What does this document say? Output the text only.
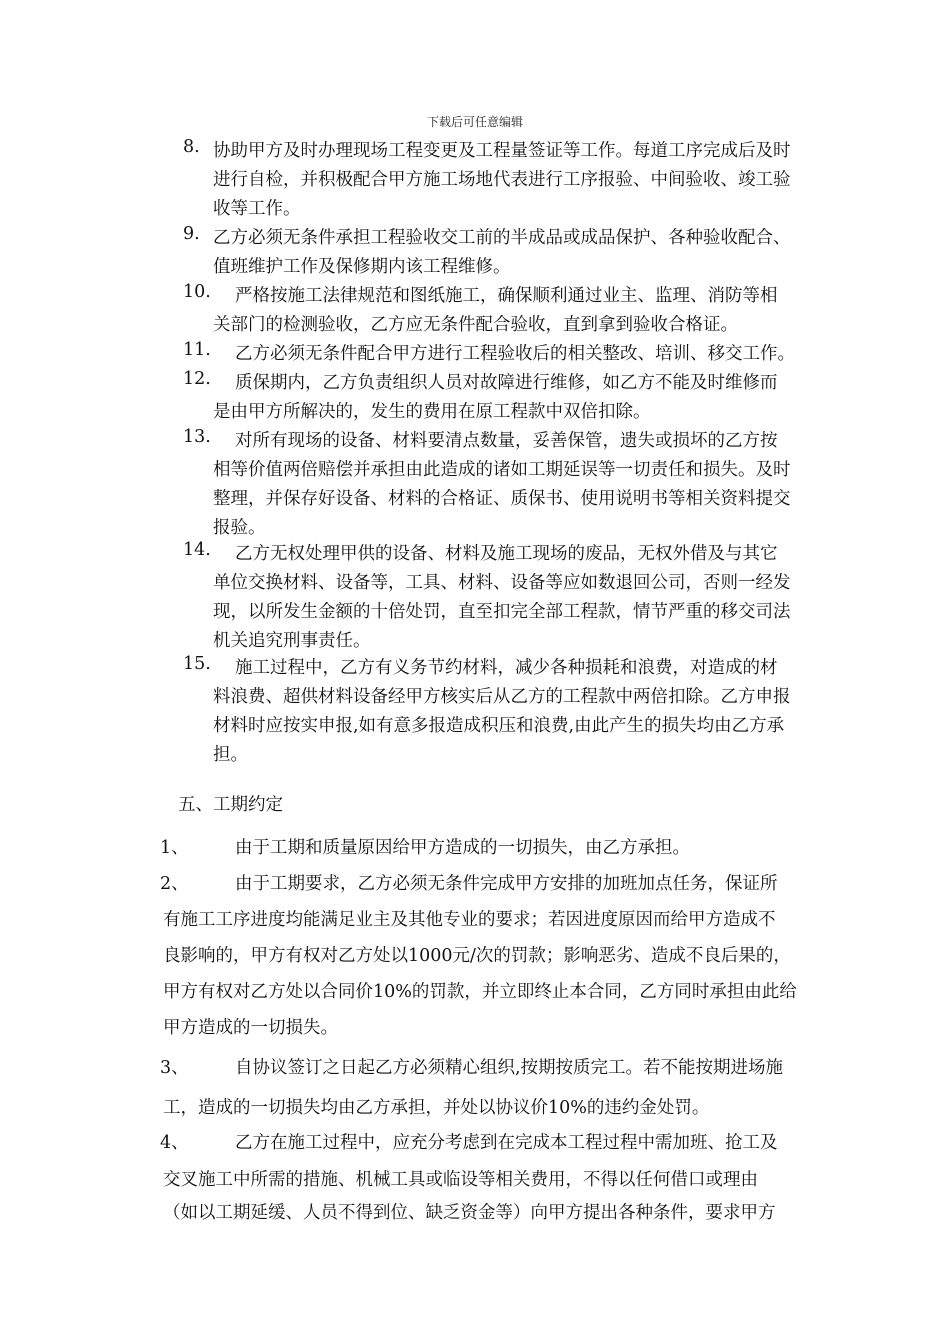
下载后可任意编辑
8. 协助甲方及时办理现场工程变更及工程量签证等工作。每道工序完成后及时
进行自检，并积极配合甲方施工场地代表进行工序报验、中间验收、竣工验
收等工作。
9. 乙方必须无条件承担工程验收交工前的半成品或成品保护、各种验收配合、
值班维护工作及保修期内该工程维修。
10. 严格按施工法律规范和图纸施工，确保顺利通过业主、监理、消防等相
关部门的检测验收，乙方应无条件配合验收，直到拿到验收合格证。
11. 乙方必须无条件配合甲方进行工程验收后的相关整改、培训、移交工作。
12. 质保期内，乙方负责组织人员对故障进行维修，如乙方不能及时维修而
是由甲方所解决的，发生的费用在原工程款中双倍扣除。
13. 对所有现场的设备、材料要清点数量，妥善保管，遗失或损坏的乙方按
相等价值两倍赔偿并承担由此造成的诸如工期延误等一切责任和损失。及时
整理，并保存好设备、材料的合格证、质保书、使用说明书等相关资料提交
报验。
14. 乙方无权处理甲供的设备、材料及施工现场的废品，无权外借及与其它
单位交换材料、设备等，工具、材料、设备等应如数退回公司，否则一经发
现，以所发生金额的十倍处罚，直至扣完全部工程款，情节严重的移交司法
机关追究刑事责任。
15. 施工过程中，乙方有义务节约材料，减少各种损耗和浪费，对造成的材
料浪费、超供材料设备经甲方核实后从乙方的工程款中两倍扣除。乙方申报
材料时应按实申报,如有意多报造成积压和浪费,由此产生的损失均由乙方承
担。
1、	由于工期和质量原因给甲方造成的一切损失，由乙方承担。
2、	由于工期要求，乙方必须无条件完成甲方安排的加班加点任务，保证所
有施工工序进度均能满足业主及其他专业的要求；若因进度原因而给甲方造成不
良影响的，甲方有权对乙方处以1000元/次的罚款；影响恶劣、造成不良后果的，
甲方有权对乙方处以合同价10%的罚款，并立即终止本合同，乙方同时承担由此给
甲方造成的一切损失。
3、	自协议签订之日起乙方必须精心组织,按期按质完工。若不能按期进场施
工，造成的一切损失均由乙方承担，并处以协议价10%的违约金处罚。
4、	乙方在施工过程中，应充分考虑到在完成本工程过程中需加班、抢工及
交叉施工中所需的措施、机械工具或临设等相关费用，不得以任何借口或理由
（如以工期延缓、人员不得到位、缺乏资金等）向甲方提出各种条件，要求甲方
五、工期约定
